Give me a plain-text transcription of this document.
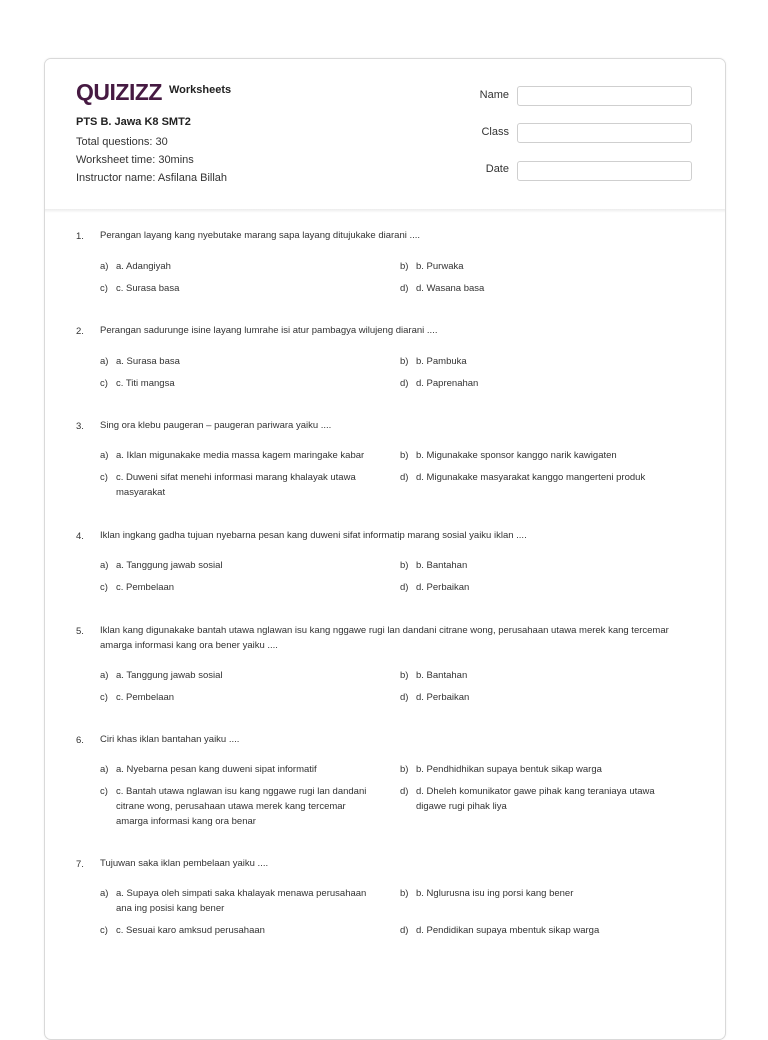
QUIZIZZ Worksheets
PTS B. Jawa K8 SMT2
Total questions: 30
Worksheet time: 30mins
Instructor name: Asfilana Billah
Name
Class
Date
1. Perangan layang kang nyebutake marang sapa layang ditujukake diarani ....
a) a. Adangiyah	b) b. Purwaka
c) c. Surasa basa	d) d. Wasana basa
2. Perangan sadurunge isine layang lumrahe isi atur pambagya wilujeng diarani ....
a) a. Surasa basa	b) b. Pambuka
c) c. Titi mangsa	d) d. Paprenahan
3. Sing ora klebu paugeran – paugeran pariwara yaiku ....
a) a. Iklan migunakake media massa kagem maringake kabar	b) b. Migunakake sponsor kanggo narik kawigaten
c) c. Duweni sifat menehi informasi marang khalayak utawa masyarakat
d) d. Migunakake masyarakat kanggo mangerteni produk
4. Iklan ingkang gadha tujuan nyebarna pesan kang duweni sifat informatip marang sosial yaiku iklan ....
a) a. Tanggung jawab sosial	b) b. Bantahan
c) c. Pembelaan	d) d. Perbaikan
5. Iklan kang digunakake bantah utawa nglawan isu kang nggawe rugi lan dandani citrane wong, perusahaan utawa merek kang tercemar amarga informasi kang ora bener yaiku ....
a) a. Tanggung jawab sosial	b) b. Bantahan
c) c. Pembelaan	d) d. Perbaikan
6. Ciri khas iklan bantahan yaiku ....
a) a. Nyebarna pesan kang duweni sipat informatif	b) b. Pendhidhikan supaya bentuk sikap warga
c) c. Bantah utawa nglawan isu kang nggawe rugi lan dandani citrane wong, perusahaan utawa merek kang tercemar amarga informasi kang ora benar
d) d. Dheleh komunikator gawe pihak kang teraniaya utawa digawe rugi pihak liya
7. Tujuwan saka iklan pembelaan yaiku ....
a) a. Supaya oleh simpati saka khalayak menawa perusahaan ana ing posisi kang bener
b) b. Nglurusna isu ing porsi kang bener
c) c. Sesuai karo amksud perusahaan	d) d. Pendidikan supaya mbentuk sikap warga
